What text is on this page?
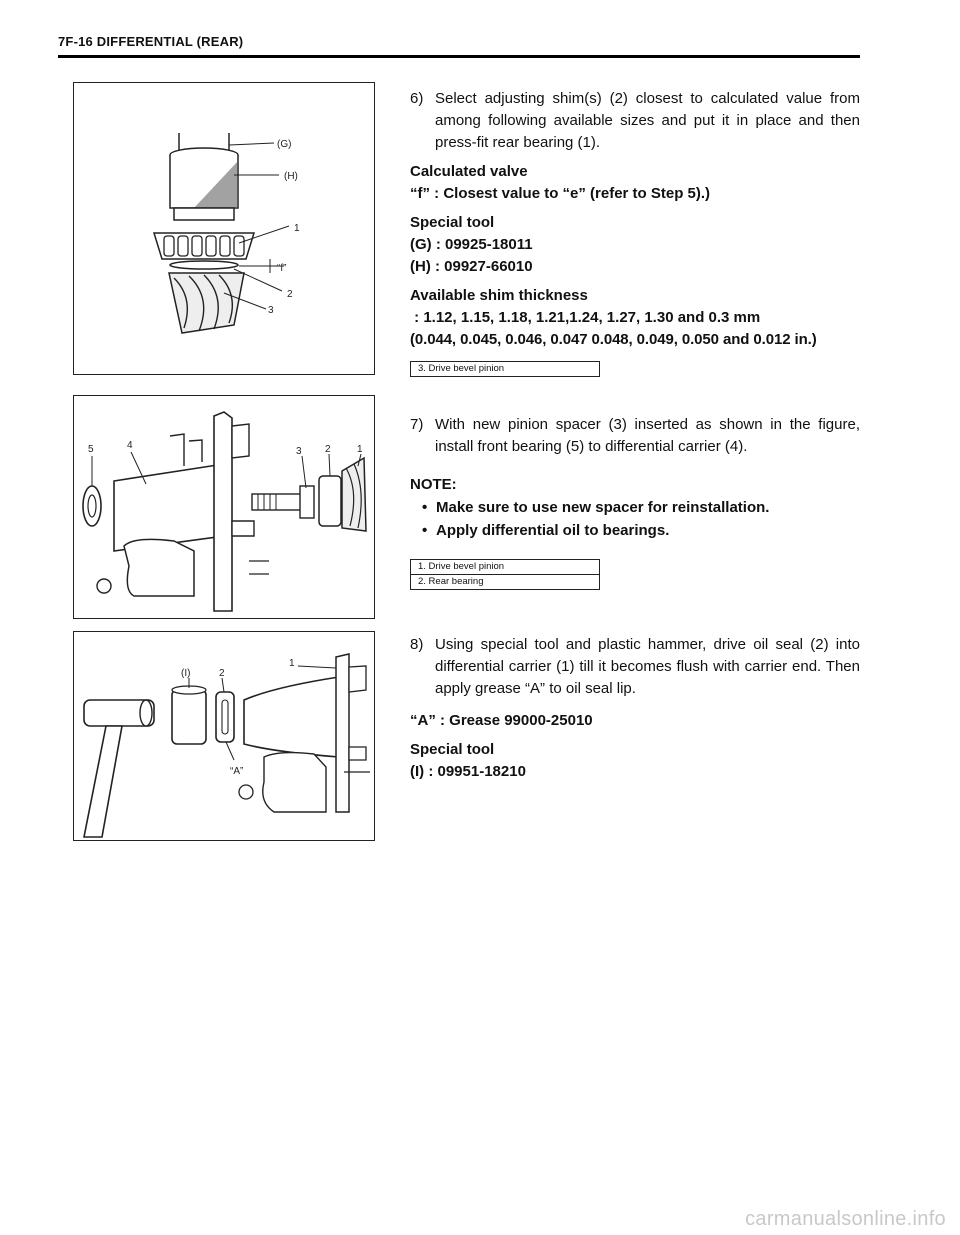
7F-16 DIFFERENTIAL (REAR)
(G)
(H)
1
“f”
2
3
6) Select adjusting shim(s) (2) closest to calculated value from among following available sizes and put it in place and then press-fit rear bearing (1).
Calculated valve
“f” : Closest value to “e” (refer to Step 5).)
Special tool
(G) : 09925-18011
(H) : 09927-66010
Available shim thickness
: 1.12, 1.15, 1.18, 1.21,1.24, 1.27, 1.30 and 0.3 mm
(0.044, 0.045, 0.046, 0.047 0.048, 0.049, 0.050 and 0.012 in.)
3. Drive bevel pinion
5	4
3 2	1
7) With new pinion spacer (3) inserted as shown in the figure, install front bearing (5) to differential carrier (4).
NOTE:
• Make sure to use new spacer for reinstallation.
• Apply differential oil to bearings.
1. Drive bevel pinion
2. Rear bearing
(I)	2
1
“A”
8) Using special tool and plastic hammer, drive oil seal (2) into differential carrier (1) till it becomes flush with carrier end. Then apply grease “A” to oil seal lip.
“A” : Grease 99000-25010
Special tool
(I) : 09951-18210
carmanualsonline.info
